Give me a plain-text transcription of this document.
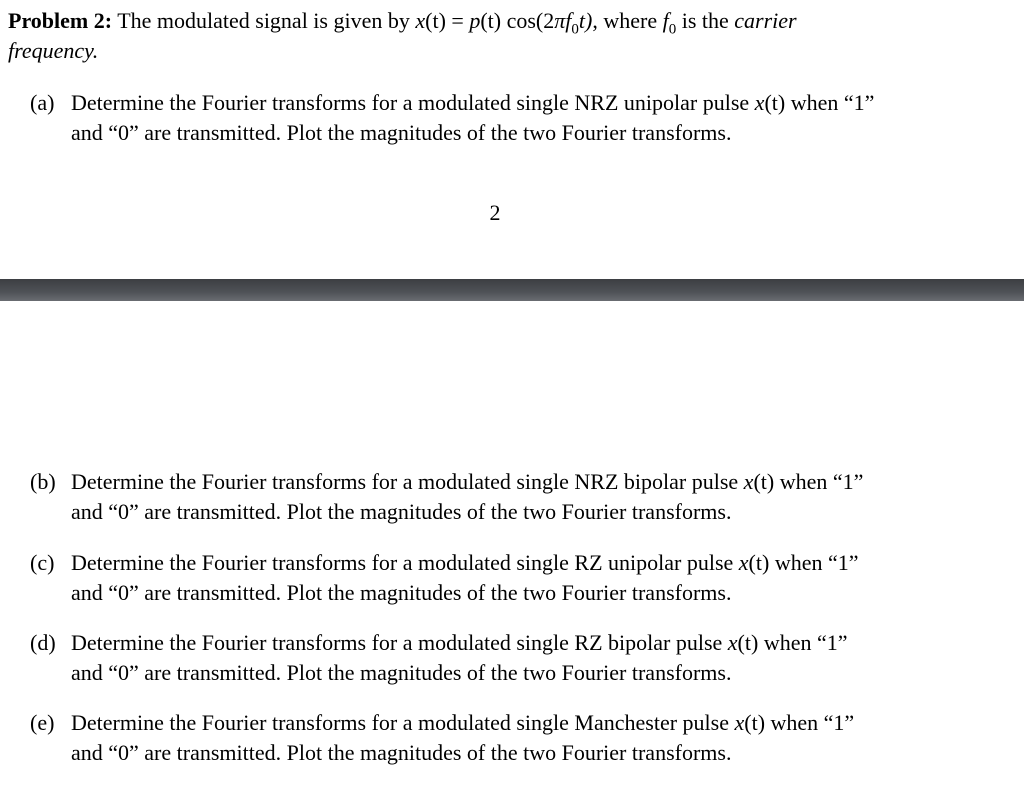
Problem 2: The modulated signal is given by x(t) = p(t) $\cos(2\pi f_0t)$, where $f_0$ is the carrier
frequency.
(a) Determine the Fourier transforms for a modulated single NRZ unipolar pulse x(t) when “1”
and “0” are transmitted. Plot the magnitudes of the two Fourier transforms.
2
(b) Determine the Fourier transforms for a modulated single NRZ bipolar pulse x(t) when “1”
and “0” are transmitted. Plot the magnitudes of the two Fourier transforms.
(c) Determine the Fourier transforms for a modulated single RZ unipolar pulse x(t) when “1”
and “0” are transmitted. Plot the magnitudes of the two Fourier transforms.
(d) Determine the Fourier transforms for a modulated single RZ bipolar pulse x(t) when “1”
and “0” are transmitted. Plot the magnitudes of the two Fourier transforms.
(e) Determine the Fourier transforms for a modulated single Manchester pulse x(t) when “1”
and “0” are transmitted. Plot the magnitudes of the two Fourier transforms.
